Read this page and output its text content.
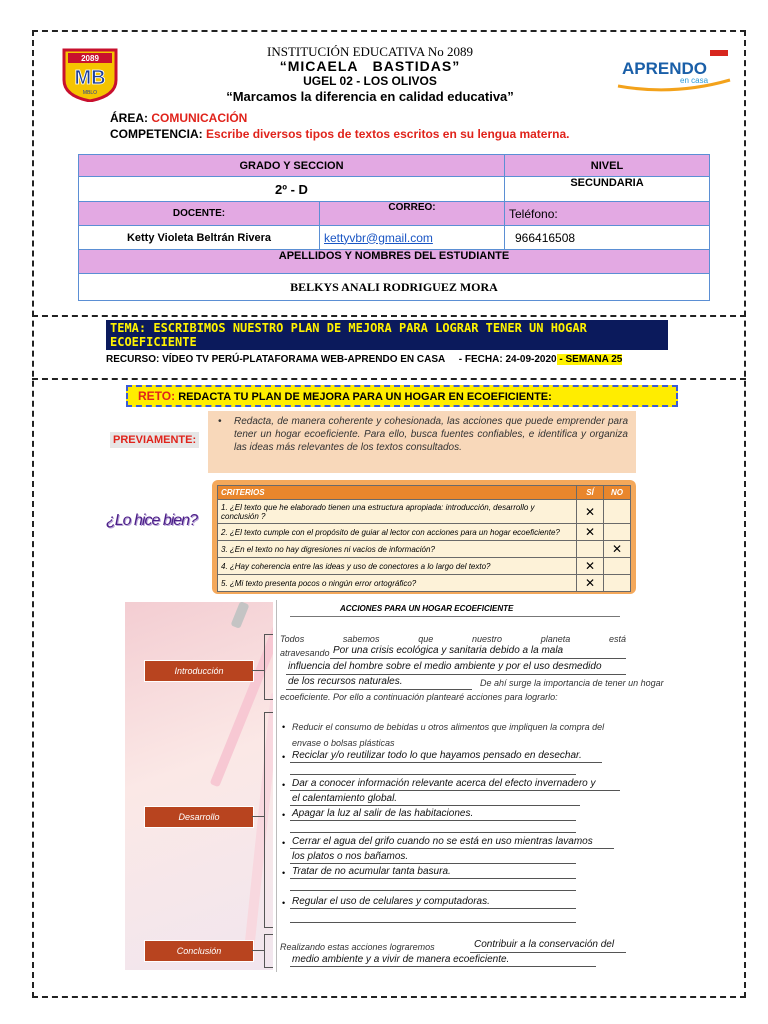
2089
MB
MBLO
APRENDO
en casa
INSTITUCIÓN EDUCATIVA No 2089
“MICAELA   BASTIDAS”
UGEL 02 - LOS OLIVOS
“Marcamos la diferencia en calidad educativa”
ÁREA: COMUNICACIÓN
COMPETENCIA: Escribe diversos tipos de textos escritos en su lengua materna.
GRADO Y SECCION		NIVEL
2º - D		SECUNDARIA
DOCENTE:	CORREO:	Teléfono:
Ketty Violeta Beltrán Rivera	kettyvbr@gmail.com	966416508
APELLIDOS Y NOMBRES DEL ESTUDIANTE		
BELKYS ANALI RODRIGUEZ MORA		
TEMA: ESCRIBIMOS NUESTRO PLAN DE MEJORA PARA LOGRAR TENER UN HOGAR ECOEFICIENTE
RECURSO: VÍDEO TV PERÚ-PLATAFORAMA WEB-APRENDO EN CASA     - FECHA: 24-09-2020 - SEMANA 25
RETO: REDACTA TU PLAN DE MEJORA PARA UN HOGAR EN ECOEFICIENTE:
PREVIAMENTE:
• Redacta, de manera coherente y cohesionada, las acciones que puede emprender para tener un hogar ecoeficiente. Para ello, busca fuentes confiables, e identifica y organiza las ideas más relevantes de los textos consultados.
¿Lo hice bien?
CRITERIOS	SÍ	NO
1. ¿El texto que he elaborado tienen una estructura apropiada: introducción, desarrollo y conclusión ?	✕	
2. ¿El texto cumple con el propósito de guiar al lector con acciones para un hogar ecoeficiente?	✕	
3. ¿En el texto no hay digresiones ni vacíos de información?		✕
4. ¿Hay coherencia entre las ideas y uso de conectores a lo largo del texto?	✕	
5. ¿Mi texto presenta pocos o ningún error ortográfico?	✕	
Introducción
Desarrollo
Conclusión
ACCIONES PARA UN HOGAR ECOEFICIENTE
Todos	sabemos	que	nuestro	planeta	está
atravesando Por una crisis ecológica y sanitaria debido a la mala
influencia del hombre sobre el medio ambiente y por el uso desmedido
de los recursos naturales.	De ahí surge la importancia de tener un hogar
ecoeficiente. Por ello a continuación plantearé acciones para lograrlo:
• Reducir el consumo de bebidas u otros alimentos que impliquen la compra del
envase o bolsas plásticas
• Reciclar y/o reutilizar todo lo que hayamos pensado en desechar.
• Dar a conocer información relevante acerca del efecto invernadero y
el calentamiento global.
• Apagar la luz al salir de las habitaciones.
• Cerrar el agua del grifo cuando no se está en uso mientras lavamos
los platos o nos bañamos.
• Tratar de no acumular tanta basura.
• Regular el uso de celulares y computadoras.
Realizando estas acciones lograremos	Contribuir a la conservación del
medio ambiente y a vivir de manera ecoeficiente.
